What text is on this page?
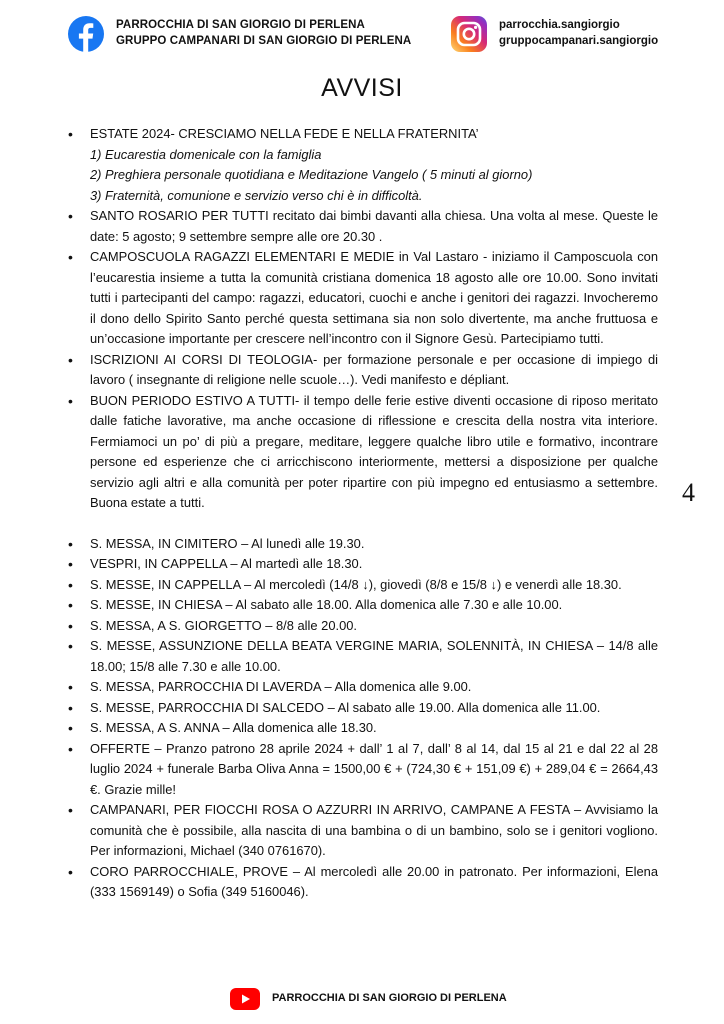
PARROCCHIA DI SAN GIORGIO DI PERLENA
GRUPPO CAMPANARI DI SAN GIORGIO DI PERLENA
parrocchia.sangiorgio
gruppocampanari.sangiorgio
AVVISI
• ESTATE 2024- CRESCIAMO NELLA FEDE E NELLA FRATERNITA’
1) Eucarestia domenicale con la famiglia
2) Preghiera personale quotidiana e Meditazione Vangelo ( 5 minuti al giorno)
3) Fraternità, comunione e servizio verso chi è in difficoltà.
• SANTO ROSARIO PER TUTTI recitato dai bimbi davanti alla chiesa. Una volta al mese. Queste le date: 5 agosto; 9 settembre sempre alle ore 20.30 .
• CAMPOSCUOLA RAGAZZI ELEMENTARI E MEDIE in Val Lastaro - iniziamo il Camposcuola con l’eucarestia insieme a tutta la comunità cristiana domenica 18 agosto alle ore 10.00. Sono invitati tutti i partecipanti del campo: ragazzi, educatori, cuochi e anche i genitori dei ragazzi. Invocheremo il dono dello Spirito Santo perché questa settimana sia non solo divertente, ma anche fruttuosa e un’occasione importante per crescere nell’incontro con il Signore Gesù. Partecipiamo tutti.
• ISCRIZIONI AI CORSI DI TEOLOGIA- per formazione personale e per occasione di impiego di lavoro ( insegnante di religione nelle scuole…). Vedi manifesto e dépliant.
• BUON PERIODO ESTIVO A TUTTI- il tempo delle ferie estive diventi occasione di riposo meritato dalle fatiche lavorative, ma anche occasione di riflessione e crescita della nostra vita interiore. Fermiamoci un po’ di più a pregare, meditare, leggere qualche libro utile e formativo, incontrare persone ed esperienze che ci arricchiscono interiormente, mettersi a disposizione per qualche servizio agli altri e alla comunità per poter ripartire con più impegno ed entusiasmo a settembre. Buona estate a tutti.
• S. MESSA, IN CIMITERO – Al lunedì alle 19.30.
• VESPRI, IN CAPPELLA – Al martedì alle 18.30.
• S. MESSE, IN CAPPELLA – Al mercoledì (14/8 ↓), giovedì (8/8 e 15/8 ↓) e venerdì alle 18.30.
• S. MESSE, IN CHIESA – Al sabato alle 18.00. Alla domenica alle 7.30 e alle 10.00.
• S. MESSA, A S. GIORGETTO – 8/8 alle 20.00.
• S. MESSE, ASSUNZIONE DELLA BEATA VERGINE MARIA, SOLENNITÀ, IN CHIESA – 14/8 alle 18.00; 15/8 alle 7.30 e alle 10.00.
• S. MESSA, PARROCCHIA DI LAVERDA – Alla domenica alle 9.00.
• S. MESSE, PARROCCHIA DI SALCEDO – Al sabato alle 19.00. Alla domenica alle 11.00.
• S. MESSA, A S. ANNA – Alla domenica alle 18.30.
• OFFERTE – Pranzo patrono 28 aprile 2024 + dall’ 1 al 7, dall’ 8 al 14, dal 15 al 21 e dal 22 al 28 luglio 2024 + funerale Barba Oliva Anna = 1500,00 € + (724,30 € + 151,09 €) + 289,04 € = 2664,43 €. Grazie mille!
• CAMPANARI, PER FIOCCHI ROSA O AZZURRI IN ARRIVO, CAMPANE A FESTA – Avvisiamo la comunità che è possibile, alla nascita di una bambina o di un bambino, solo se i genitori vogliono. Per informazioni, Michael (340 0761670).
• CORO PARROCCHIALE, PROVE – Al mercoledì alle 20.00 in patronato. Per informazioni, Elena (333 1569149) o Sofia (349 5160046).
4
PARROCCHIA DI SAN GIORGIO DI PERLENA
